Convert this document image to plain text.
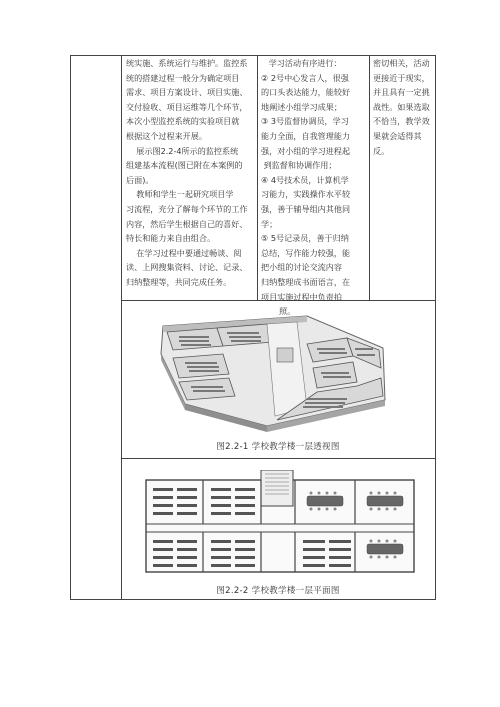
统实施、系统运行与维护。监控系

统的搭建过程一般分为确定项目

需求、项目方案设计、项目实施、

交付验收、项目运维等几个环节，

本次小型监控系统的实验项目就

根据这个过程来开展。

展示图2.2-4所示的监控系统

组建基本流程(图已附在本案例的

后面)。

教师和学生一起研究项目学

习流程，充分了解每个环节的工作

内容，然后学生根据自己的喜好、

特长和能力来自由组合。

在学习过程中要通过畅谈、阅

读、上网搜集资料、讨论、记录、

归纳整理等，共同完成任务。

学习活动有序进行：

② 2号中心发言人，很强

的口头表达能力，能较好

地阐述小组学习成果；

③ 3号监督协调员，学习

能力全面，自我管理能力

强，对小组的学习进程起

到监督和协调作用；

④ 4号技术员，计算机学

习能力，实践操作水平较

强，善于辅导组内其他同

学；

⑤ 5号记录员，善于归纳

总结，写作能力较强，能

把小组的讨论交流内容

归纳整理成书面语言，在

项目实施过程中负责拍

照。

密切相关，活动

更接近于现实，

并且具有一定挑

战性。如果选取

不恰当，教学效

果就会适得其

反。

图2.2-1 学校教学楼一层透视图
图2.2-2 学校教学楼一层平面图
